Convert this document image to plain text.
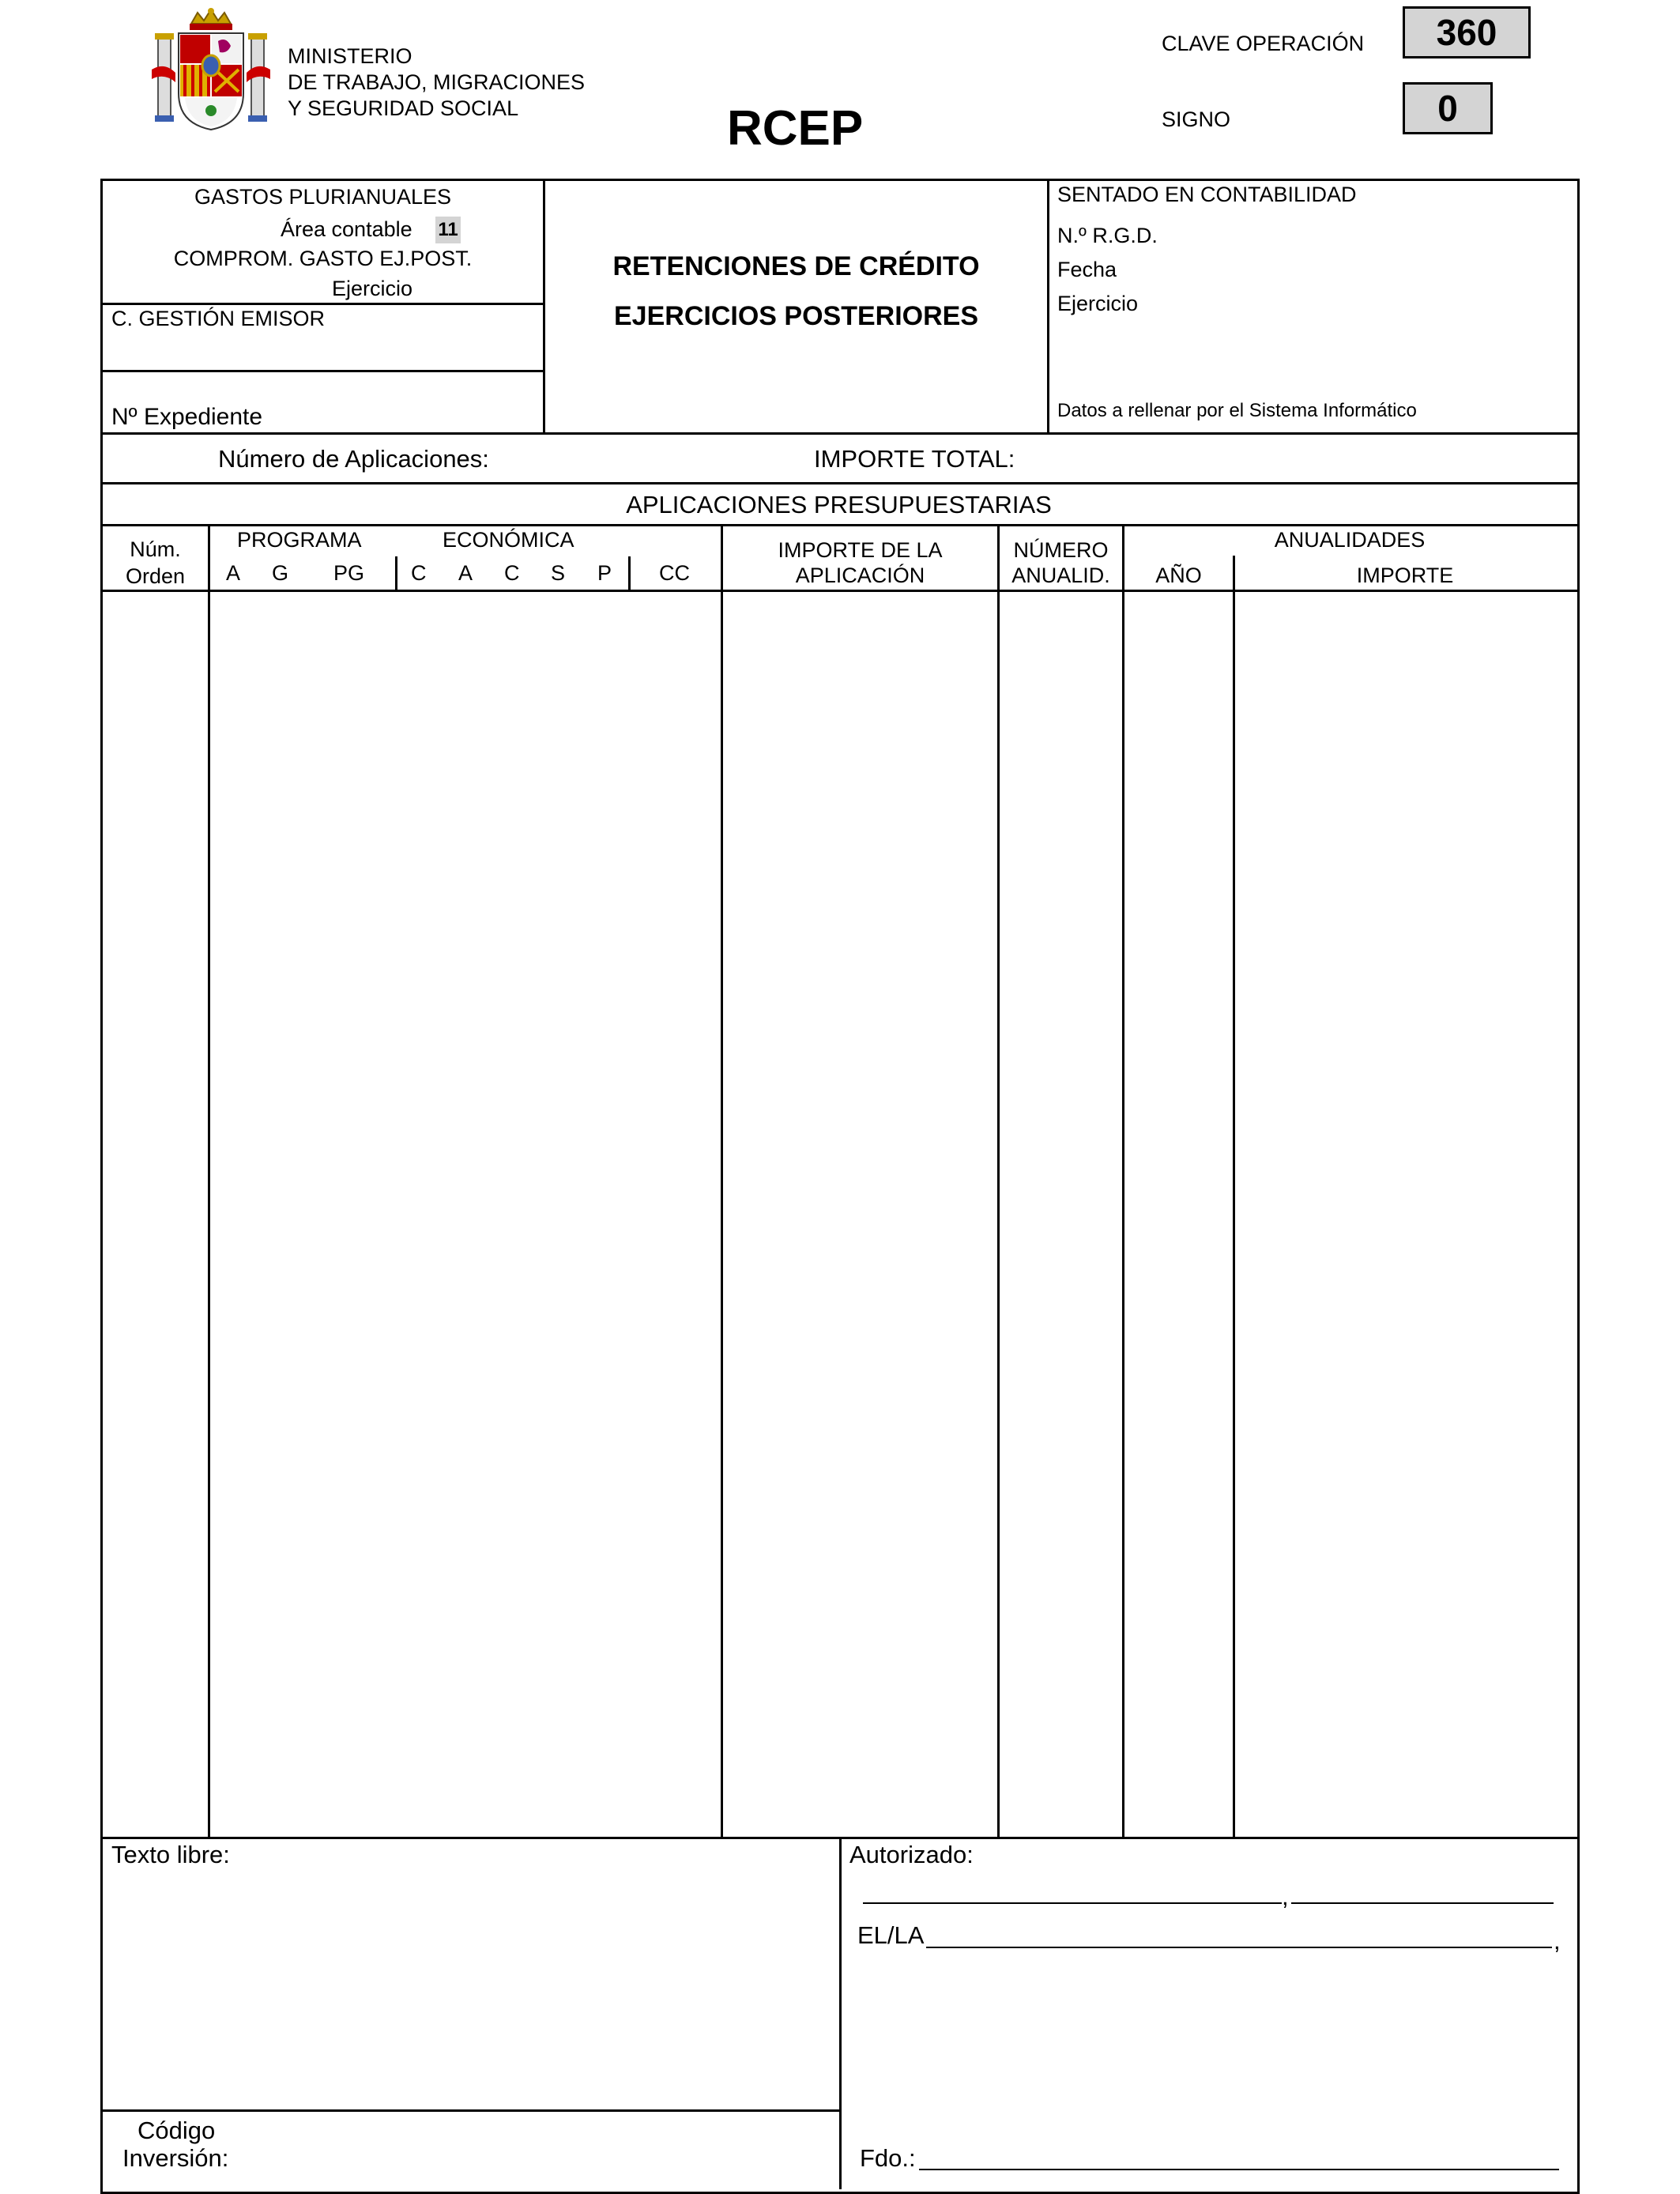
MINISTERIO
DE TRABAJO, MIGRACIONES
Y SEGURIDAD SOCIAL	RCEP
CLAVE OPERACIÓN	360
SIGNO	0
GASTOS PLURIANUALES
Área contable 11
COMPROM. GASTO EJ.POST.
Ejercicio
C. GESTIÓN EMISOR
Nº Expediente
RETENCIONES DE CRÉDITO
EJERCICIOS POSTERIORES
SENTADO EN CONTABILIDAD
N.º R.G.D.
Fecha
Ejercicio
Datos a rellenar por el Sistema Informático
Número de Aplicaciones:	IMPORTE TOTAL:
APLICACIONES PRESUPUESTARIAS
Núm.
Orden
PROGRAMA	ECONÓMICA
A G PG C A C S P CC
IMPORTE DE LA
APLICACIÓN
NÚMERO
ANUALID.
ANUALIDADES
AÑO	IMPORTE
Texto libre:
Código
Inversión:
Autorizado:
,
EL/LA	,
Fdo.:
